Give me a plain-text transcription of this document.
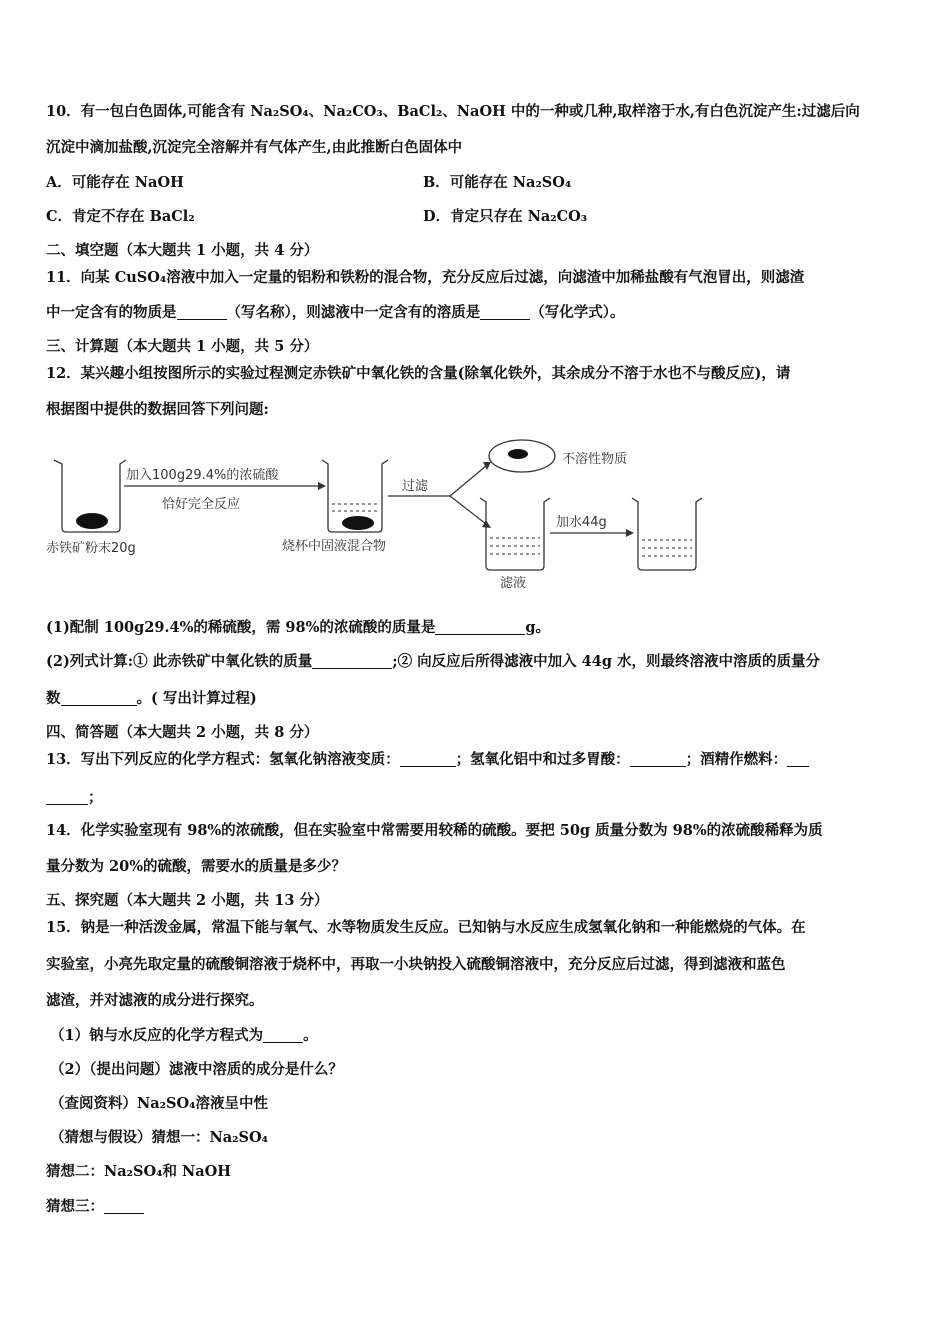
10．有一包白色固体,可能含有 Na₂SO₄、Na₂CO₃、BaCl₂、NaOH 中的一种或几种,取样溶于水,有白色沉淀产生:过滤后向
沉淀中滴加盐酸,沉淀完全溶解并有气体产生,由此推断白色固体中
A．可能存在 NaOH	B．可能存在 Na₂SO₄
C．肯定不存在 BaCl₂	D．肯定只存在 Na₂CO₃
二、填空题（本大题共 1 小题，共 4 分）
11．向某 CuSO₄溶液中加入一定量的铝粉和铁粉的混合物，充分反应后过滤，向滤渣中加稀盐酸有气泡冒出，则滤渣
中一定含有的物质是	（写名称），则滤液中一定含有的溶质是	（写化学式）。
三、计算题（本大题共 1 小题，共 5 分）
12．某兴趣小组按图所示的实验过程测定赤铁矿中氧化铁的含量(除氧化铁外，其余成分不溶于水也不与酸反应)，请
根据图中提供的数据回答下列问题:
赤铁矿粉末20g
加入100g29.4%的浓硫酸
恰好完全反应
烧杯中固液混合物
过滤
不溶性物质
滤液
加水44g
(1)配制 100g29.4%的稀硫酸，需 98%的浓硫酸的质量是	g。
(2)列式计算:① 此赤铁矿中氧化铁的质量	;② 向反应后所得滤液中加入 44g 水，则最终溶液中溶质的质量分
数	。( 写出计算过程)
四、简答题（本大题共 2 小题，共 8 分）
13．写出下列反应的化学方程式：氢氧化钠溶液变质：	；氢氧化铝中和过多胃酸：	；酒精作燃料：
；
14．化学实验室现有 98%的浓硫酸，但在实验室中常需要用较稀的硫酸。要把 50g 质量分数为 98%的浓硫酸稀释为质
量分数为 20%的硫酸，需要水的质量是多少？
五、探究题（本大题共 2 小题，共 13 分）
15．钠是一种活泼金属，常温下能与氧气、水等物质发生反应。已知钠与水反应生成氢氧化钠和一种能燃烧的气体。在
实验室，小亮先取定量的硫酸铜溶液于烧杯中，再取一小块钠投入硫酸铜溶液中，充分反应后过滤，得到滤液和蓝色
滤渣，并对滤液的成分进行探究。
（1）钠与水反应的化学方程式为	。
（2）（提出问题）滤液中溶质的成分是什么？
（查阅资料）Na₂SO₄溶液呈中性
（猜想与假设）猜想一：Na₂SO₄
猜想二：Na₂SO₄和 NaOH
猜想三：
